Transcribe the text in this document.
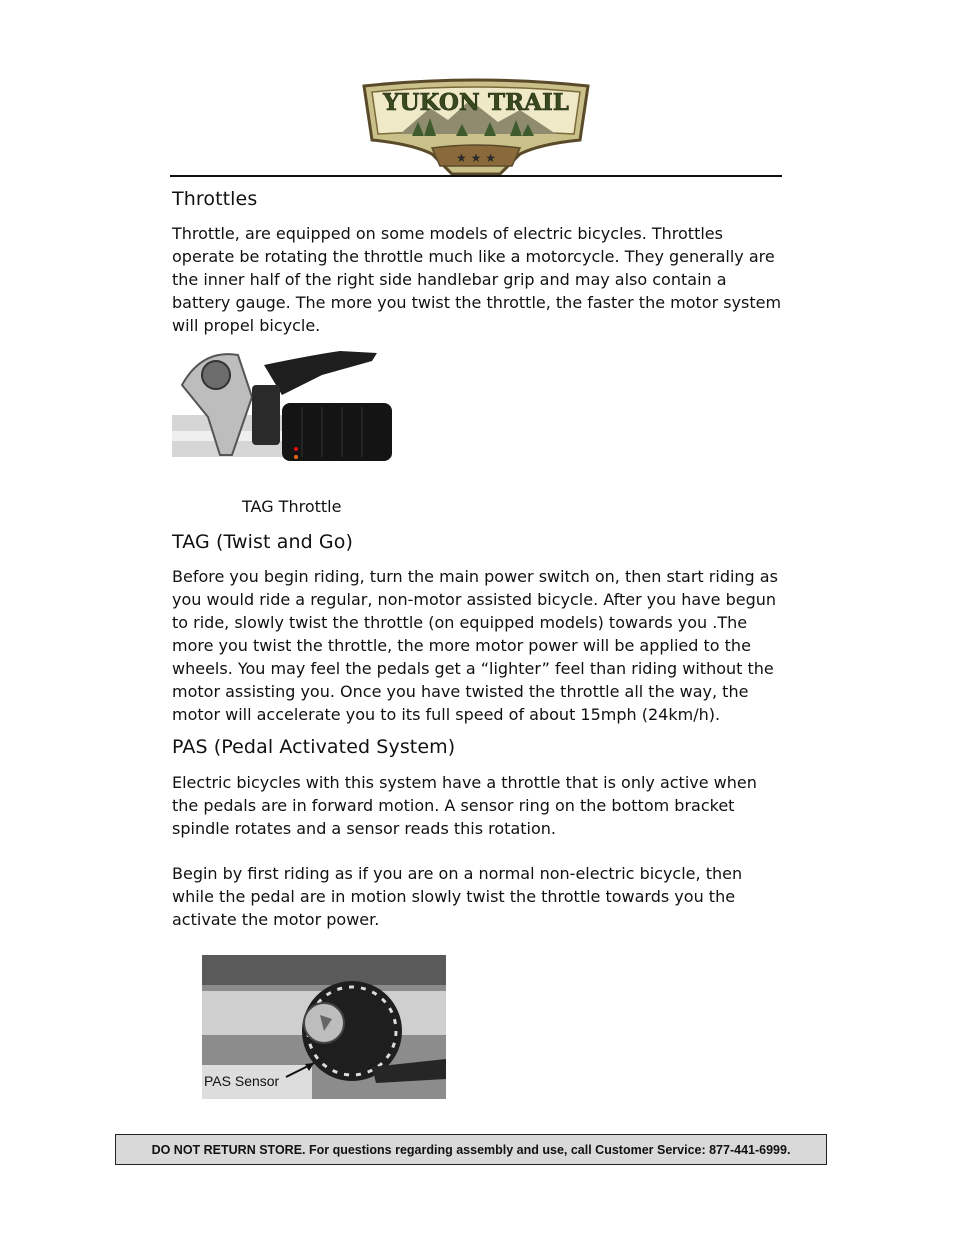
YUKON TRAIL
★ ★ ★
Throttles

Throttle, are equipped on some models of electric bicycles. Throttles operate be rotating the throttle much like a motorcycle. They generally are the inner half of the right side handlebar grip and may also contain a battery gauge. The more you twist the throttle, the faster the motor system will propel bicycle.

TAG Throttle
TAG (Twist and Go)

Before you begin riding, turn the main power switch on, then start riding as you would ride a regular, non-motor assisted bicycle. After you have begun to ride, slowly twist the throttle (on equipped models) towards you .The more you twist the throttle, the more motor power will be applied to the wheels. You may feel the pedals get a “lighter” feel than riding without the motor assisting you. Once you have twisted the throttle all the way, the motor will accelerate you to its full speed of about 15mph (24km/h).

PAS (Pedal Activated System)

Electric bicycles with this system have a throttle that is only active when the pedals are in forward motion. A sensor ring on the bottom bracket spindle rotates and a sensor reads this rotation.

Begin by first riding as if you are on a normal non-electric bicycle, then while the pedal are in motion slowly twist the throttle towards you the activate the motor power.

PAS Sensor
DO NOT RETURN STORE. For questions regarding assembly and use, call Customer Service: 877-441-6999.
